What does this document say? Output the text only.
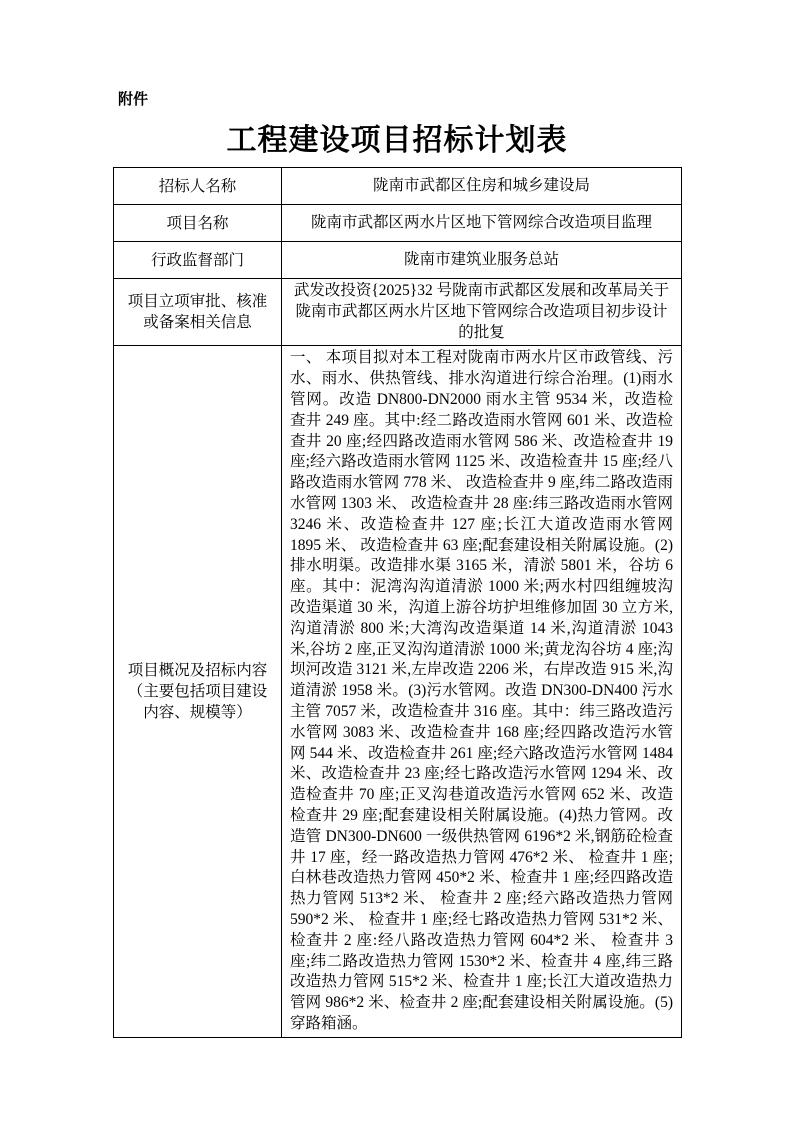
附件
工程建设项目招标计划表
招标人名称	陇南市武都区住房和城乡建设局
项目名称	陇南市武都区两水片区地下管网综合改造项目监理
行政监督部门	陇南市建筑业服务总站
项目立项审批、核准或备案相关信息	武发改投资{2025}32 号陇南市武都区发展和改革局关于陇南市武都区两水片区地下管网综合改造项目初步设计的批复
项目概况及招标内容（主要包括项目建设内容、规模等）	一、 本项目拟对本工程对陇南市两水片区市政管线、污水、雨水、供热管线、排水沟道进行综合治理。(1)雨水管网。改造 DN800-DN2000 雨水主管 9534 米，改造检查井 249 座。其中:经二路改造雨水管网 601 米、改造检查井 20 座;经四路改造雨水管网 586 米、改造检查井 19 座;经六路改造雨水管网 1125 米、改造检查井 15 座;经八路改造雨水管网 778 米、 改造检查井 9 座,纬二路改造雨水管网 1303 米、 改造检查井 28 座:纬三路改造雨水管网 3246 米、改造检查井 127 座;长江大道改造雨水管网 1895 米、 改造检查井 63 座;配套建设相关附属设施。(2)排水明渠。改造排水渠 3165 米，清淤 5801 米，谷坊 6 座。其中：泥湾沟沟道清淤 1000 米;两水村四组缠坡沟改造渠道 30 米，沟道上游谷坊护坦维修加固 30 立方米,沟道清淤 800 米;大湾沟改造渠道 14 米,沟道清淤 1043 米,谷坊 2 座,正叉沟沟道清淤 1000 米;黄龙沟谷坊 4 座;沟坝河改造 3121 米,左岸改造 2206 米，右岸改造 915 米,沟道清淤 1958 米。(3)污水管网。改造 DN300-DN400 污水主管 7057 米，改造检查井 316 座。其中：纬三路改造污水管网 3083 米、改造检查井 168 座;经四路改造污水管网 544 米、改造检查井 261 座;经六路改造污水管网 1484 米、改造检查井 23 座;经七路改造污水管网 1294 米、改造检查井 70 座;正叉沟巷道改造污水管网 652 米、改造检查井 29 座;配套建设相关附属设施。(4)热力管网。改造管 DN300-DN600 一级供热管网 6196*2 米,钢筋砼检查井 17 座，经一路改造热力管网 476*2 米、 检查井 1 座;白林巷改造热力管网 450*2 米、检查井 1 座;经四路改造热力管网 513*2 米、 检查井 2 座;经六路改造热力管网 590*2 米、 检查井 1 座;经七路改造热力管网 531*2 米、 检查井 2 座:经八路改造热力管网 604*2 米、 检查井 3 座;纬二路改造热力管网 1530*2 米、检查井 4 座,纬三路改造热力管网 515*2 米、检查井 1 座;长江大道改造热力管网 986*2 米、检查井 2 座;配套建设相关附属设施。(5)穿路箱涵。
